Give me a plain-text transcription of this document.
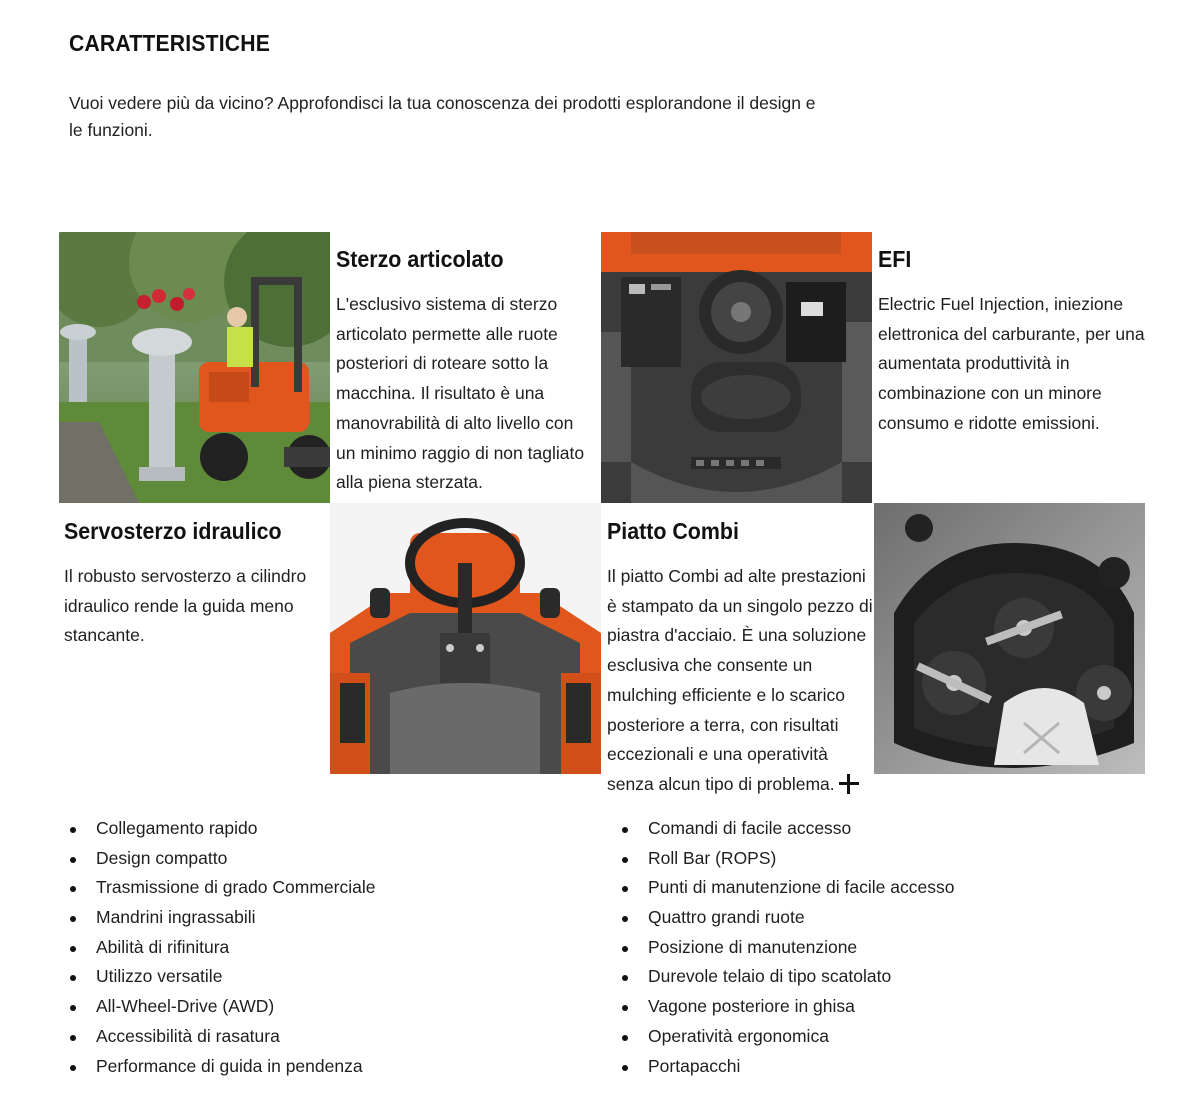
CARATTERISTICHE

Vuoi vedere più da vicino? Approfondisci la tua conoscenza dei prodotti esplorandone il design e le funzioni.

Sterzo articolato

L'esclusivo sistema di sterzo articolato permette alle ruote posteriori di roteare sotto la macchina. Il risultato è una manovrabilità di alto livello con un minimo raggio di non tagliato alla piena sterzata.

EFI

Electric Fuel Injection, iniezione elettronica del carburante, per una aumentata produttività in combinazione con un minore consumo e ridotte emissioni.

Servosterzo idraulico

Il robusto servosterzo a cilindro idraulico rende la guida meno stancante.

Piatto Combi

Il piatto Combi ad alte prestazioni è stampato da un singolo pezzo di piastra d'acciaio. È una soluzione esclusiva che consente un mulching efficiente e lo scarico posteriore a terra, con risultati eccezionali e una operatività senza alcun tipo di problema.

Collegamento rapido
Design compatto
Trasmissione di grado Commerciale
Mandrini ingrassabili
Abilità di rifinitura
Utilizzo versatile
All-Wheel-Drive (AWD)
Accessibilità di rasatura
Performance di guida in pendenza
Comandi di facile accesso
Roll Bar (ROPS)
Punti di manutenzione di facile accesso
Quattro grandi ruote
Posizione di manutenzione
Durevole telaio di tipo scatolato
Vagone posteriore in ghisa
Operatività ergonomica
Portapacchi
